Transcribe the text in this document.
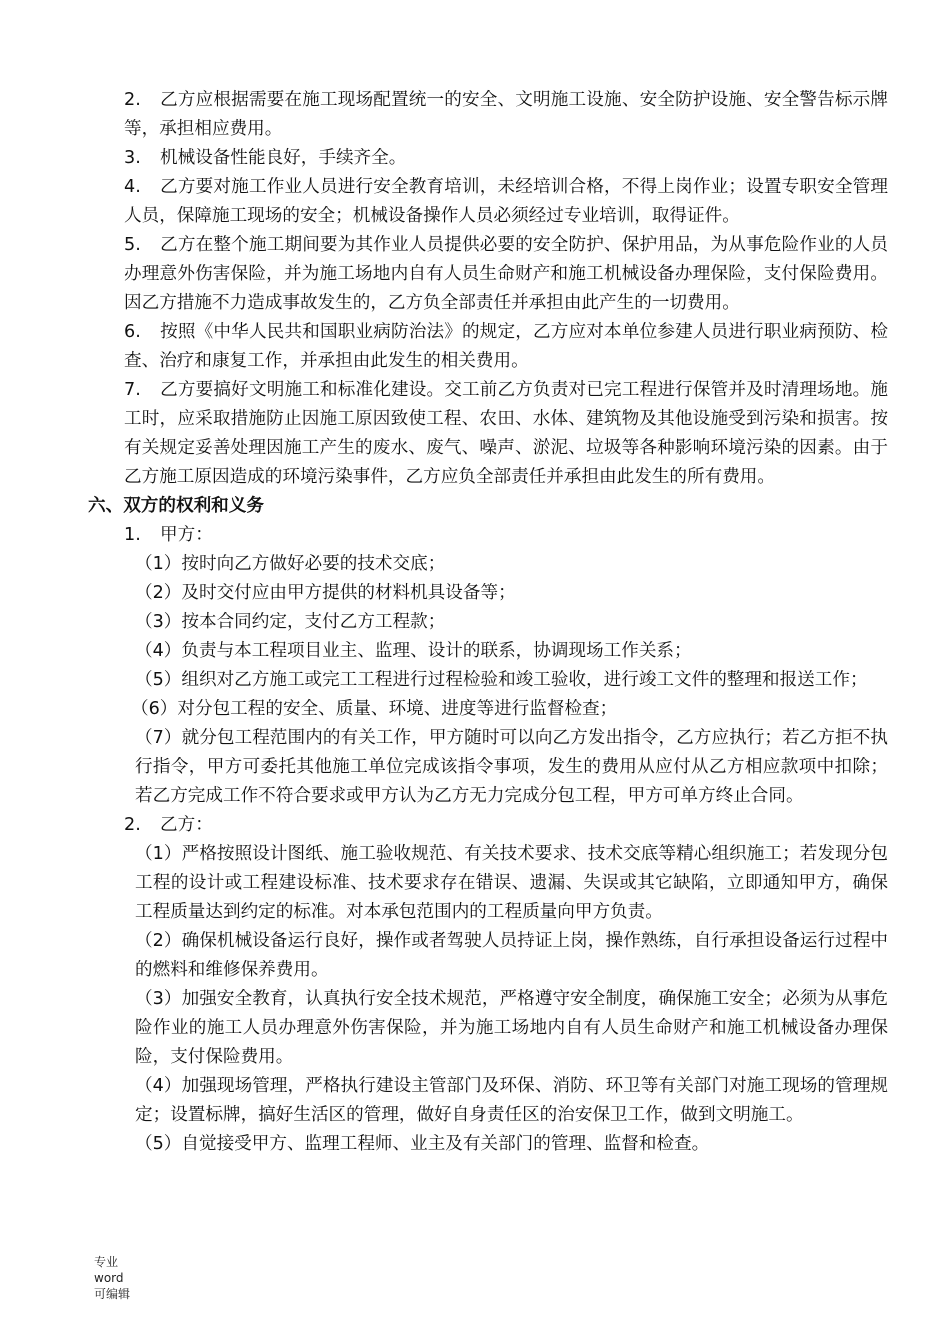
2. 乙方应根据需要在施工现场配置统一的安全、文明施工设施、安全防护设施、安全警告标示牌等，承担相应费用。

3. 机械设备性能良好，手续齐全。

4. 乙方要对施工作业人员进行安全教育培训，未经培训合格，不得上岗作业；设置专职安全管理人员，保障施工现场的安全；机械设备操作人员必须经过专业培训，取得证件。

5. 乙方在整个施工期间要为其作业人员提供必要的安全防护、保护用品，为从事危险作业的人员办理意外伤害保险，并为施工场地内自有人员生命财产和施工机械设备办理保险，支付保险费用。因乙方措施不力造成事故发生的，乙方负全部责任并承担由此产生的一切费用。

6. 按照《中华人民共和国职业病防治法》的规定，乙方应对本单位参建人员进行职业病预防、检查、治疗和康复工作，并承担由此发生的相关费用。

7. 乙方要搞好文明施工和标准化建设。交工前乙方负责对已完工程进行保管并及时清理场地。施工时，应采取措施防止因施工原因致使工程、农田、水体、建筑物及其他设施受到污染和损害。按有关规定妥善处理因施工产生的废水、废气、噪声、淤泥、垃圾等各种影响环境污染的因素。由于乙方施工原因造成的环境污染事件，乙方应负全部责任并承担由此发生的所有费用。

六、双方的权利和义务

1. 甲方：

（1）按时向乙方做好必要的技术交底；

（2）及时交付应由甲方提供的材料机具设备等；

（3）按本合同约定，支付乙方工程款；

（4）负责与本工程项目业主、监理、设计的联系，协调现场工作关系；

（5）组织对乙方施工或完工工程进行过程检验和竣工验收，进行竣工文件的整理和报送工作；

（6）对分包工程的安全、质量、环境、进度等进行监督检查；

（7）就分包工程范围内的有关工作，甲方随时可以向乙方发出指令，乙方应执行；若乙方拒不执行指令，甲方可委托其他施工单位完成该指令事项，发生的费用从应付从乙方相应款项中扣除；若乙方完成工作不符合要求或甲方认为乙方无力完成分包工程，甲方可单方终止合同。

2. 乙方：

（1）严格按照设计图纸、施工验收规范、有关技术要求、技术交底等精心组织施工；若发现分包工程的设计或工程建设标准、技术要求存在错误、遗漏、失误或其它缺陷，立即通知甲方，确保工程质量达到约定的标准。对本承包范围内的工程质量向甲方负责。

（2）确保机械设备运行良好，操作或者驾驶人员持证上岗，操作熟练，自行承担设备运行过程中的燃料和维修保养费用。

（3）加强安全教育，认真执行安全技术规范，严格遵守安全制度，确保施工安全；必须为从事危险作业的施工人员办理意外伤害保险，并为施工场地内自有人员生命财产和施工机械设备办理保险，支付保险费用。

（4）加强现场管理，严格执行建设主管部门及环保、消防、环卫等有关部门对施工现场的管理规定；设置标牌，搞好生活区的管理，做好自身责任区的治安保卫工作，做到文明施工。

（5）自觉接受甲方、监理工程师、业主及有关部门的管理、监督和检查。

专业
word
可编辑
